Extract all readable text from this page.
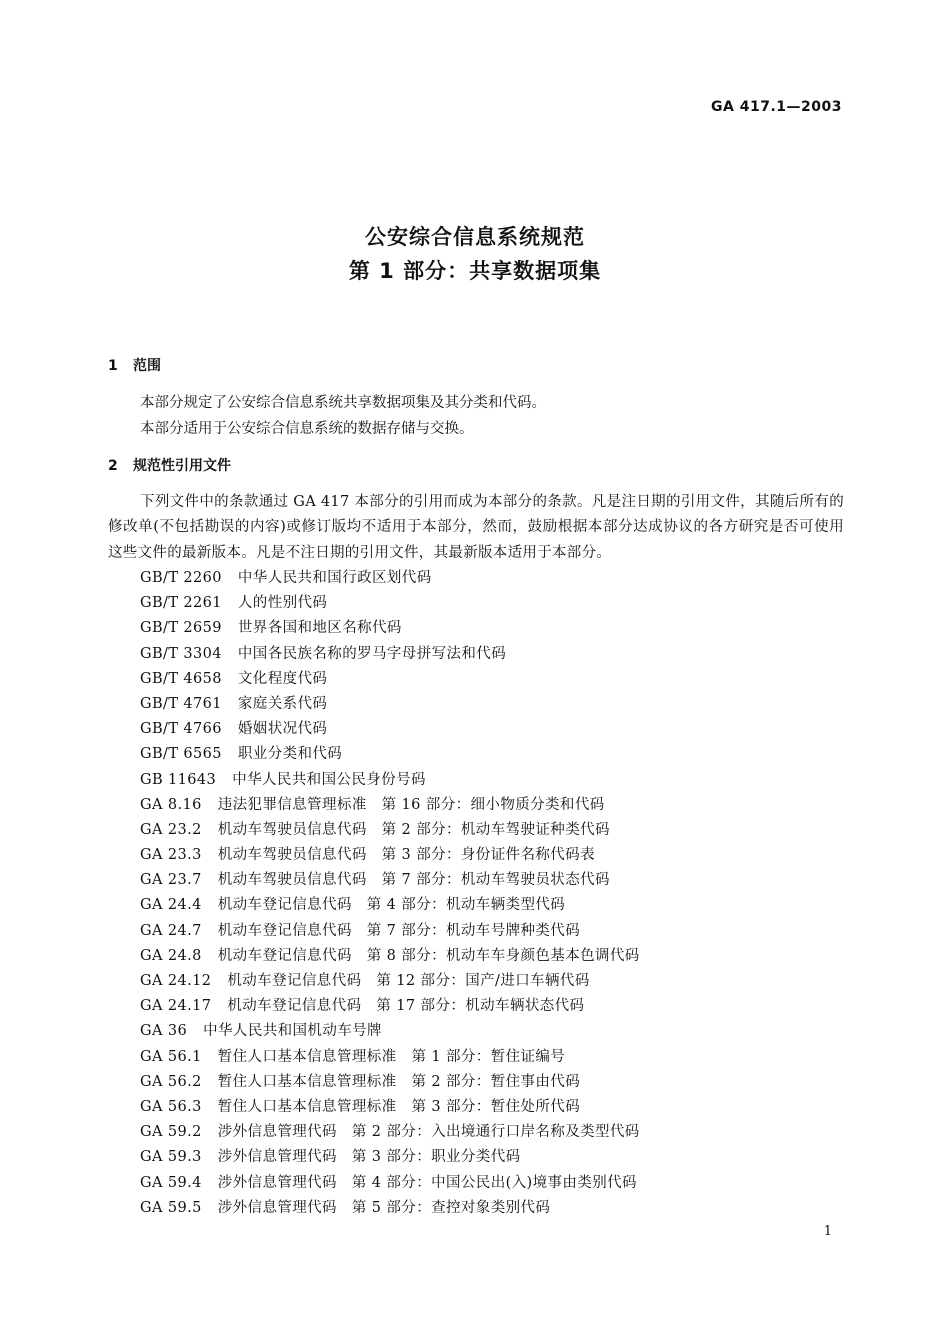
GA 417.1—2003
公安综合信息系统规范
第 1 部分：共享数据项集
1 范围
本部分规定了公安综合信息系统共享数据项集及其分类和代码。
本部分适用于公安综合信息系统的数据存储与交换。
2 规范性引用文件
下列文件中的条款通过 GA 417 本部分的引用而成为本部分的条款。凡是注日期的引用文件，其随后所有的修改单(不包括勘误的内容)或修订版均不适用于本部分，然而，鼓励根据本部分达成协议的各方研究是否可使用这些文件的最新版本。凡是不注日期的引用文件，其最新版本适用于本部分。
GB/T 2260 中华人民共和国行政区划代码
GB/T 2261 人的性别代码
GB/T 2659 世界各国和地区名称代码
GB/T 3304 中国各民族名称的罗马字母拼写法和代码
GB/T 4658 文化程度代码
GB/T 4761 家庭关系代码
GB/T 4766 婚姻状况代码
GB/T 6565 职业分类和代码
GB 11643 中华人民共和国公民身份号码
GA 8.16 违法犯罪信息管理标准　第 16 部分：细小物质分类和代码
GA 23.2 机动车驾驶员信息代码　第 2 部分：机动车驾驶证种类代码
GA 23.3 机动车驾驶员信息代码　第 3 部分：身份证件名称代码表
GA 23.7 机动车驾驶员信息代码　第 7 部分：机动车驾驶员状态代码
GA 24.4 机动车登记信息代码　第 4 部分：机动车辆类型代码
GA 24.7 机动车登记信息代码　第 7 部分：机动车号牌种类代码
GA 24.8 机动车登记信息代码　第 8 部分：机动车车身颜色基本色调代码
GA 24.12 机动车登记信息代码　第 12 部分：国产/进口车辆代码
GA 24.17 机动车登记信息代码　第 17 部分：机动车辆状态代码
GA 36 中华人民共和国机动车号牌
GA 56.1 暂住人口基本信息管理标准　第 1 部分：暂住证编号
GA 56.2 暂住人口基本信息管理标准　第 2 部分：暂住事由代码
GA 56.3 暂住人口基本信息管理标准　第 3 部分：暂住处所代码
GA 59.2 涉外信息管理代码　第 2 部分：入出境通行口岸名称及类型代码
GA 59.3 涉外信息管理代码　第 3 部分：职业分类代码
GA 59.4 涉外信息管理代码　第 4 部分：中国公民出(入)境事由类别代码
GA 59.5 涉外信息管理代码　第 5 部分：查控对象类别代码
1
